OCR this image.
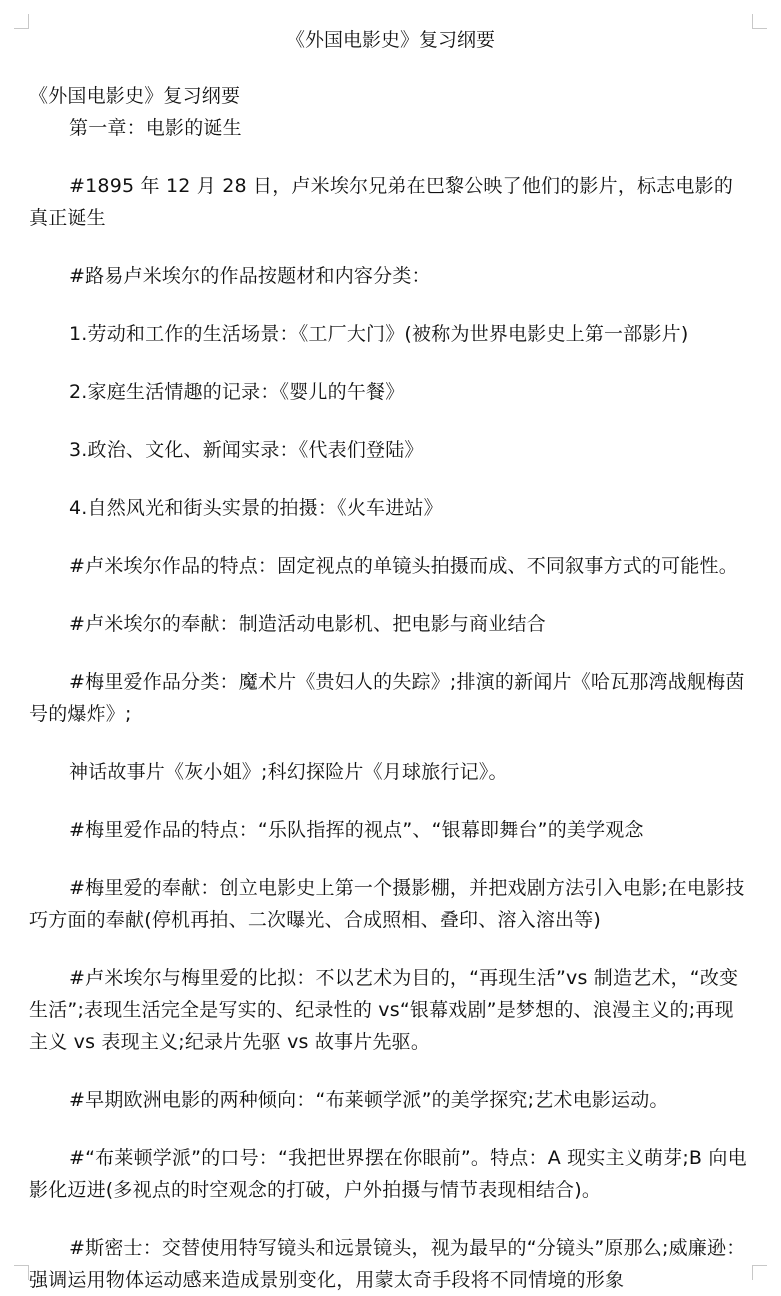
《外国电影史》复习纲要

《外国电影史》复习纲要

第一章：电影的诞生

#1895 年 12 月 28 日，卢米埃尔兄弟在巴黎公映了他们的影片，标志电影的真正诞生

#路易卢米埃尔的作品按题材和内容分类：

1.劳动和工作的生活场景：《工厂大门》(被称为世界电影史上第一部影片)

2.家庭生活情趣的记录：《婴儿的午餐》

3.政治、文化、新闻实录：《代表们登陆》

4.自然风光和街头实景的拍摄：《火车进站》

#卢米埃尔作品的特点：固定视点的单镜头拍摄而成、不同叙事方式的可能性。

#卢米埃尔的奉献：制造活动电影机、把电影与商业结合

#梅里爱作品分类：魔术片《贵妇人的失踪》;排演的新闻片《哈瓦那湾战舰梅茵号的爆炸》;

神话故事片《灰小姐》;科幻探险片《月球旅行记》。

#梅里爱作品的特点：“乐队指挥的视点”、“银幕即舞台”的美学观念

#梅里爱的奉献：创立电影史上第一个摄影棚，并把戏剧方法引入电影;在电影技巧方面的奉献(停机再拍、二次曝光、合成照相、叠印、溶入溶出等)

#卢米埃尔与梅里爱的比拟：不以艺术为目的，“再现生活”vs 制造艺术，“改变生活”;表现生活完全是写实的、纪录性的 vs“银幕戏剧”是梦想的、浪漫主义的;再现主义 vs 表现主义;纪录片先驱 vs 故事片先驱。

#早期欧洲电影的两种倾向：“布莱顿学派”的美学探究;艺术电影运动。

#“布莱顿学派”的口号：“我把世界摆在你眼前”。特点：A 现实主义萌芽;B 向电影化迈进(多视点的时空观念的打破，户外拍摄与情节表现相结合)。

#斯密士：交替使用特写镜头和远景镜头，视为最早的“分镜头”原那么;威廉逊：强调运用物体运动感来造成景别变化，用蒙太奇手段将不同情境的形象
